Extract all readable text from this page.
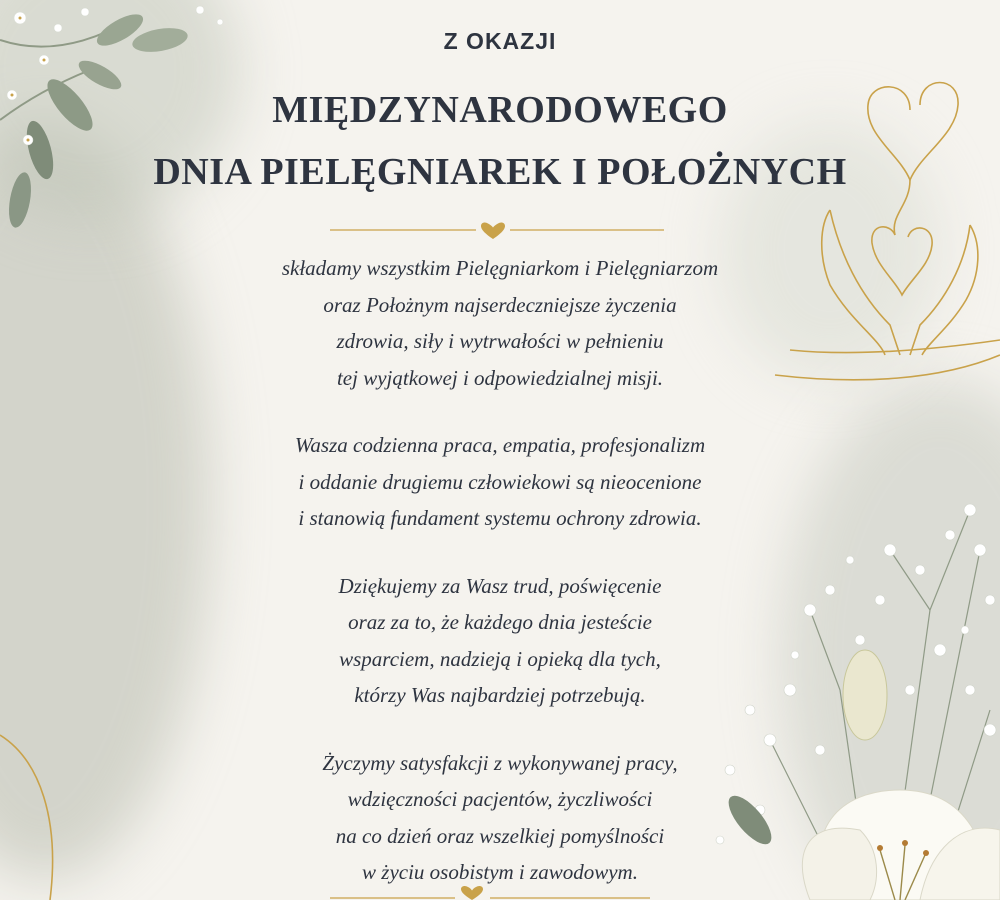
Z OKAZJI
MIĘDZYNARODOWEGO
DNIA PIELĘGNIAREK I POŁOŻNYCH

składamy wszystkim Pielęgniarkom i Pielęgniarzom
oraz Położnym najserdeczniejsze życzenia
zdrowia, siły i wytrwałości w pełnieniu
tej wyjątkowej i odpowiedzialnej misji.

Wasza codzienna praca, empatia, profesjonalizm
i oddanie drugiemu człowiekowi są nieocenione
i stanowią fundament systemu ochrony zdrowia.

Dziękujemy za Wasz trud, poświęcenie
oraz za to, że każdego dnia jesteście
wsparciem, nadzieją i opieką dla tych,
którzy Was najbardziej potrzebują.

Życzymy satysfakcji z wykonywanej pracy,
wdzięczności pacjentów, życzliwości
na co dzień oraz wszelkiej pomyślności
w życiu osobistym i zawodowym.
